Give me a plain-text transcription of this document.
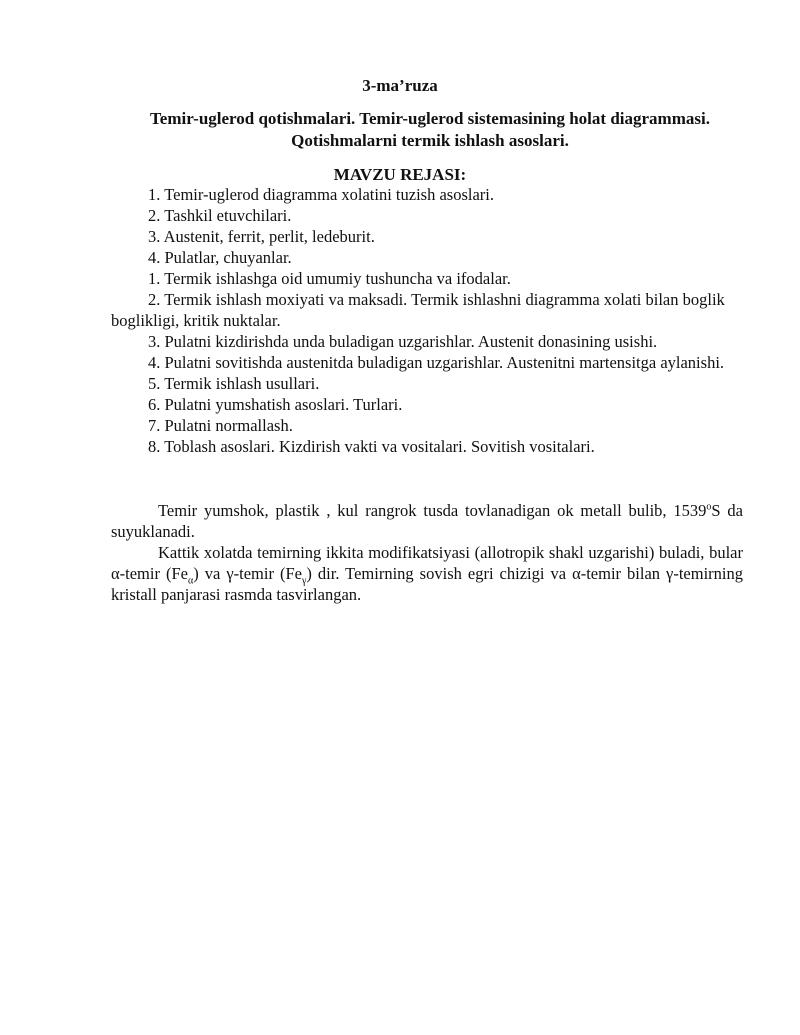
3-ma’ruza
Temir-uglerod qotishmalari. Temir-uglerod sistemasining holat diagrammasi.
Qotishmalarni termik ishlash asoslari.
MAVZU REJASI:
1. Temir-uglerod diagramma xolatini tuzish asoslari.
2. Tashkil etuvchilari.
3. Austenit, ferrit, perlit, ledeburit.
4. Pulatlar, chuyanlar.
1. Termik ishlashga oid umumiy tushuncha va ifodalar.
2. Termik ishlash moxiyati va maksadi. Termik ishlashni diagramma xolati bilan boglik boglikligi, kritik nuktalar.
3. Pulatni kizdirishda unda buladigan uzgarishlar. Austenit donasining usishi.
4. Pulatni sovitishda austenitda buladigan uzgarishlar. Austenitni martensitga aylanishi.
5. Termik ishlash usullari.
6. Pulatni yumshatish asoslari. Turlari.
7. Pulatni normallash.
8. Toblash asoslari. Kizdirish vakti va vositalari. Sovitish vositalari.

Temir yumshok, plastik , kul rangrok tusda tovlanadigan ok metall bulib, 1539$^o$S da suyuklanadi.

Kattik xolatda temirning ikkita modifikatsiyasi (allotropik shakl uzgarishi) buladi, bular α-temir $(Fe_\alpha)$ va γ-temir $(Fe_\gamma)$ dir. Temirning sovish egri chizigi va α-temir bilan γ-temirning kristall panjarasi rasmda tasvirlangan.
